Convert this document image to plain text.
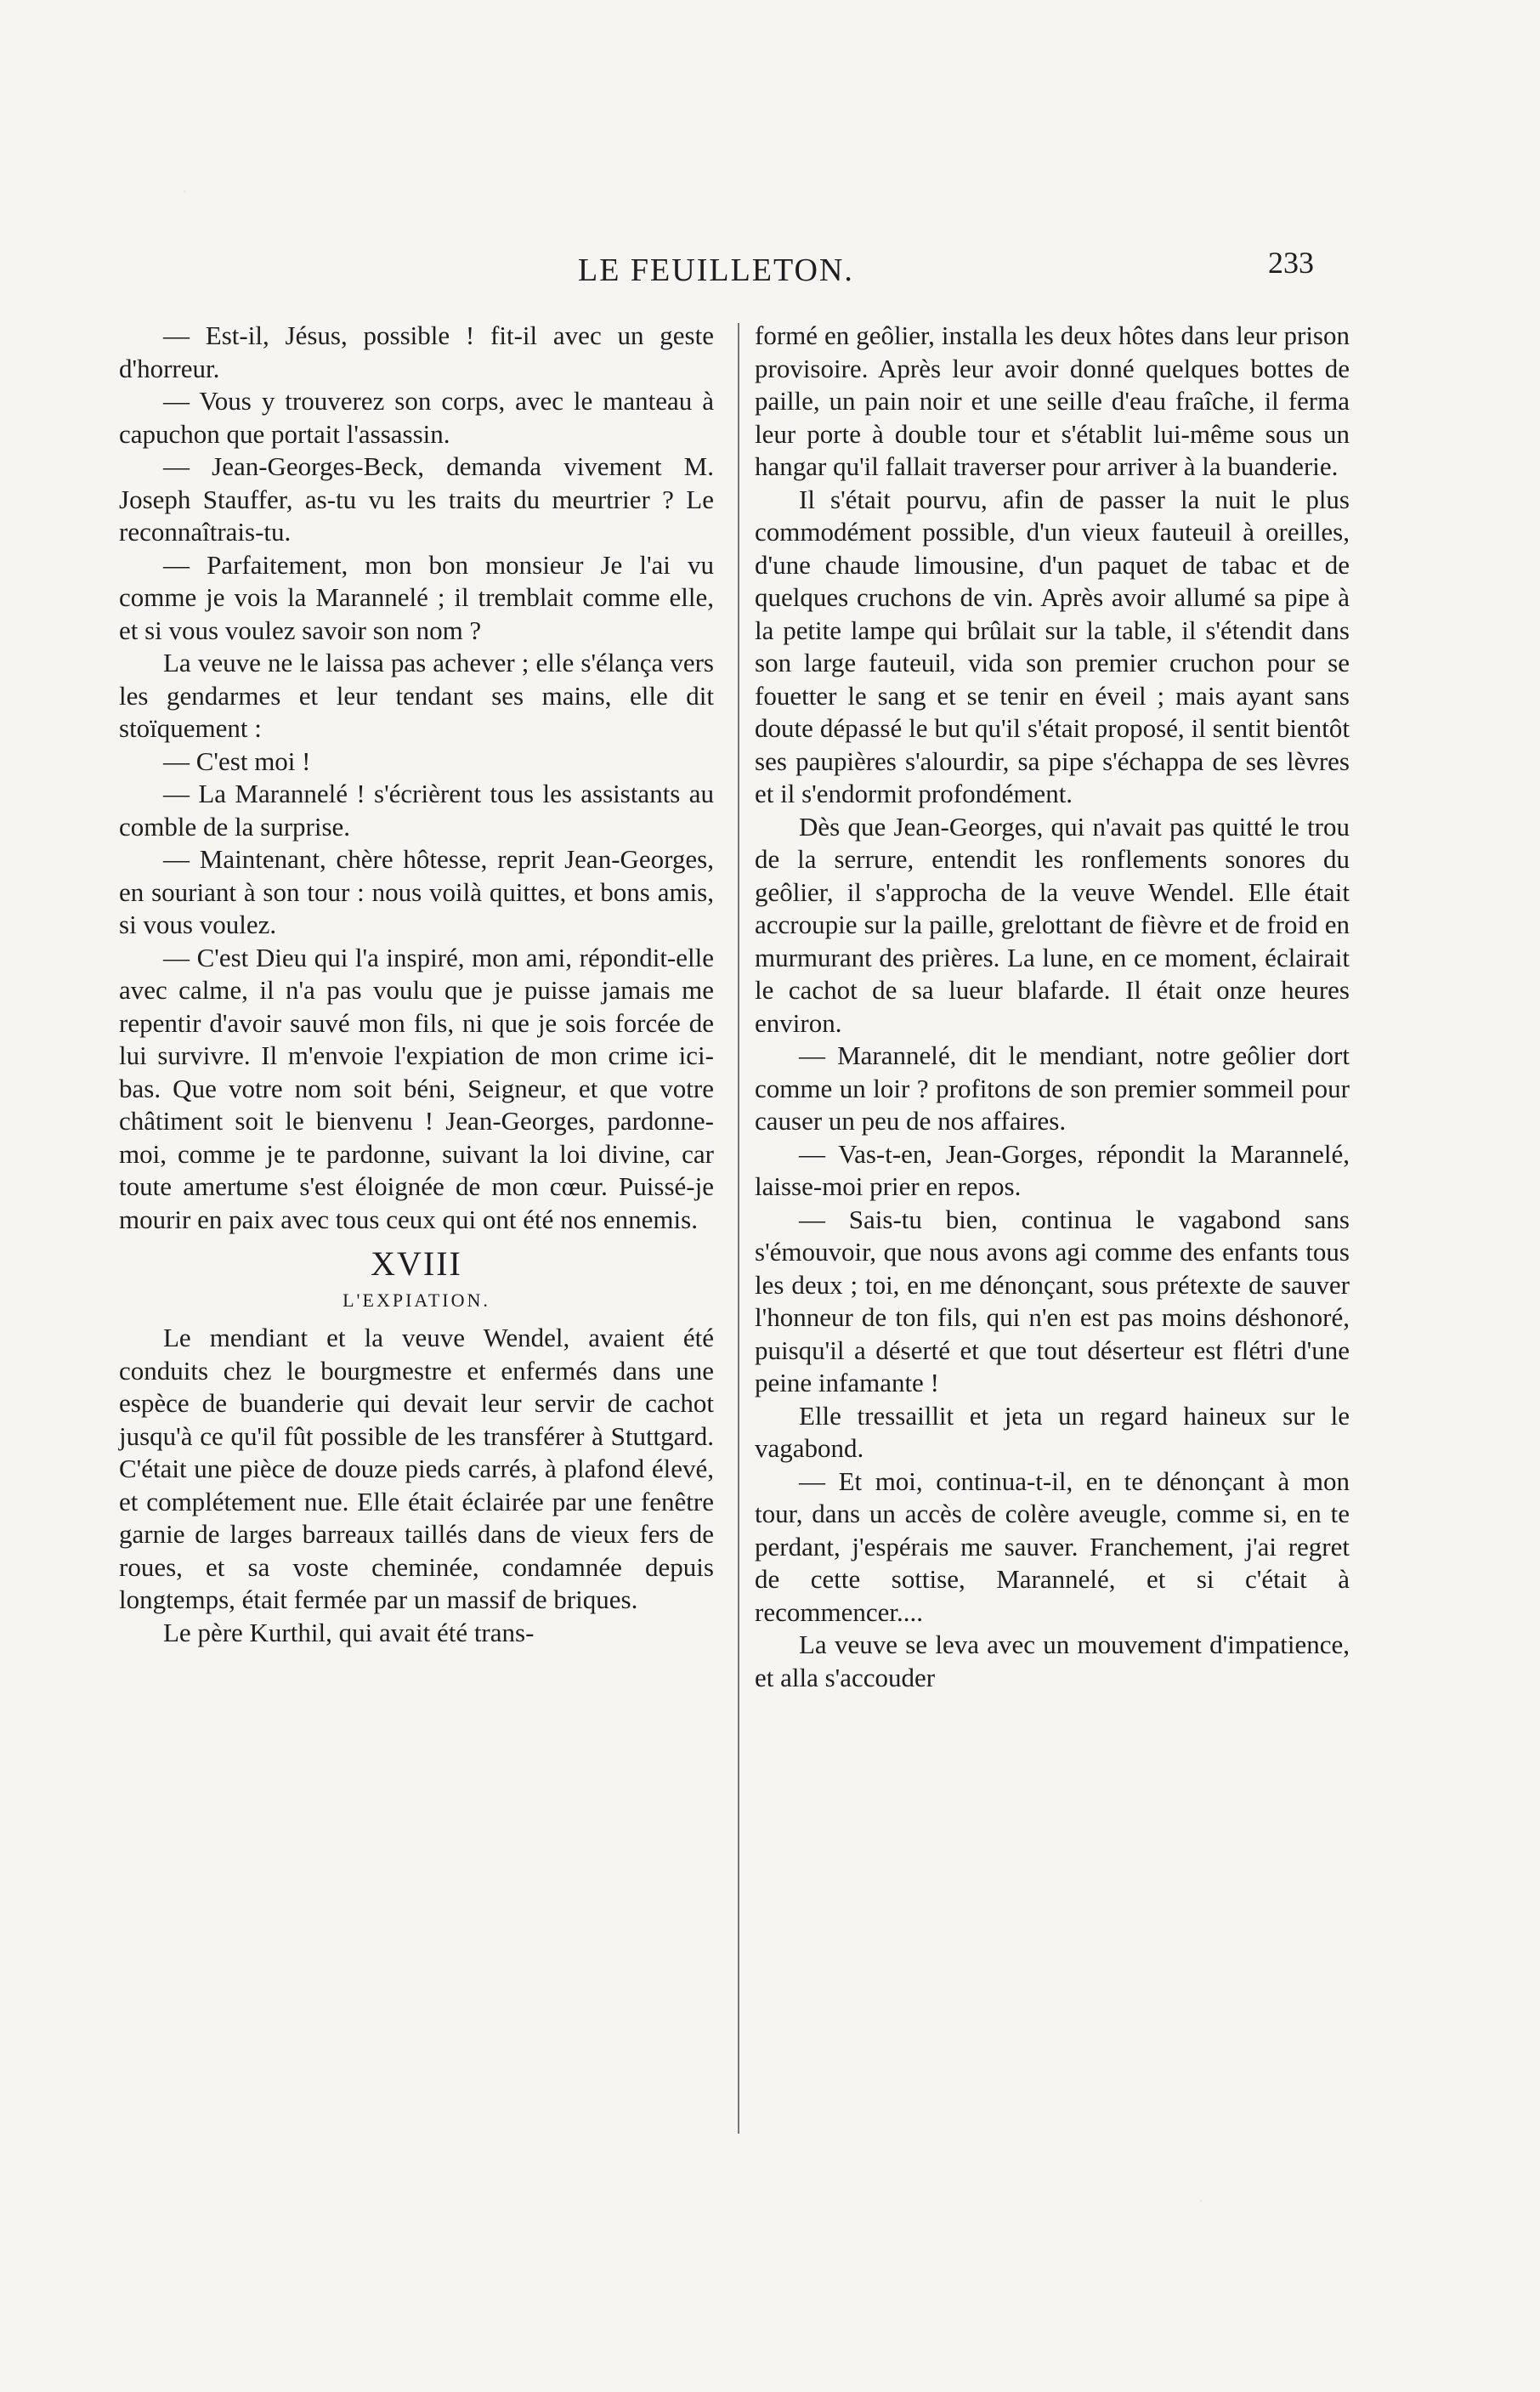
LE FEUILLETON.	233

— Est-il, Jésus, possible ! fit-il avec un geste d'horreur.

— Vous y trouverez son corps, avec le manteau à capuchon que portait l'assassin.

— Jean-Georges-Beck, demanda vivement M. Joseph Stauffer, as-tu vu les traits du meurtrier ? Le reconnaîtrais-tu.

— Parfaitement, mon bon monsieur Je l'ai vu comme je vois la Marannelé ; il tremblait comme elle, et si vous voulez savoir son nom ?

La veuve ne le laissa pas achever ; elle s'élança vers les gendarmes et leur tendant ses mains, elle dit stoïquement :

— C'est moi !

— La Marannelé ! s'écrièrent tous les assistants au comble de la surprise.

— Maintenant, chère hôtesse, reprit Jean-Georges, en souriant à son tour : nous voilà quittes, et bons amis, si vous voulez.

— C'est Dieu qui l'a inspiré, mon ami, répondit-elle avec calme, il n'a pas voulu que je puisse jamais me repentir d'avoir sauvé mon fils, ni que je sois forcée de lui survivre. Il m'envoie l'expiation de mon crime ici-bas. Que votre nom soit béni, Seigneur, et que votre châtiment soit le bienvenu ! Jean-Georges, pardonne-moi, comme je te pardonne, suivant la loi divine, car toute amertume s'est éloignée de mon cœur. Puissé-je mourir en paix avec tous ceux qui ont été nos ennemis.

XVIII
L'EXPIATION.

Le mendiant et la veuve Wendel, avaient été conduits chez le bourgmestre et enfermés dans une espèce de buanderie qui devait leur servir de cachot jusqu'à ce qu'il fût possible de les transférer à Stuttgard. C'était une pièce de douze pieds carrés, à plafond élevé, et complétement nue. Elle était éclairée par une fenêtre garnie de larges barreaux taillés dans de vieux fers de roues, et sa voste cheminée, condamnée depuis longtemps, était fermée par un massif de briques.

Le père Kurthil, qui avait été trans-

formé en geôlier, installa les deux hôtes dans leur prison provisoire. Après leur avoir donné quelques bottes de paille, un pain noir et une seille d'eau fraîche, il ferma leur porte à double tour et s'établit lui-même sous un hangar qu'il fallait traverser pour arriver à la buanderie.

Il s'était pourvu, afin de passer la nuit le plus commodément possible, d'un vieux fauteuil à oreilles, d'une chaude limousine, d'un paquet de tabac et de quelques cruchons de vin. Après avoir allumé sa pipe à la petite lampe qui brûlait sur la table, il s'étendit dans son large fauteuil, vida son premier cruchon pour se fouetter le sang et se tenir en éveil ; mais ayant sans doute dépassé le but qu'il s'était proposé, il sentit bientôt ses paupières s'alourdir, sa pipe s'échappa de ses lèvres et il s'endormit profondément.

Dès que Jean-Georges, qui n'avait pas quitté le trou de la serrure, entendit les ronflements sonores du geôlier, il s'approcha de la veuve Wendel. Elle était accroupie sur la paille, grelottant de fièvre et de froid en murmurant des prières. La lune, en ce moment, éclairait le cachot de sa lueur blafarde. Il était onze heures environ.

— Marannelé, dit le mendiant, notre geôlier dort comme un loir ? profitons de son premier sommeil pour causer un peu de nos affaires.

— Vas-t-en, Jean-Gorges, répondit la Marannelé, laisse-moi prier en repos.

— Sais-tu bien, continua le vagabond sans s'émouvoir, que nous avons agi comme des enfants tous les deux ; toi, en me dénonçant, sous prétexte de sauver l'honneur de ton fils, qui n'en est pas moins déshonoré, puisqu'il a déserté et que tout déserteur est flétri d'une peine infamante !

Elle tressaillit et jeta un regard haineux sur le vagabond.

— Et moi, continua-t-il, en te dénonçant à mon tour, dans un accès de colère aveugle, comme si, en te perdant, j'espérais me sauver. Franchement, j'ai regret de cette sottise, Marannelé, et si c'était à recommencer....

La veuve se leva avec un mouvement d'impatience, et alla s'accouder
